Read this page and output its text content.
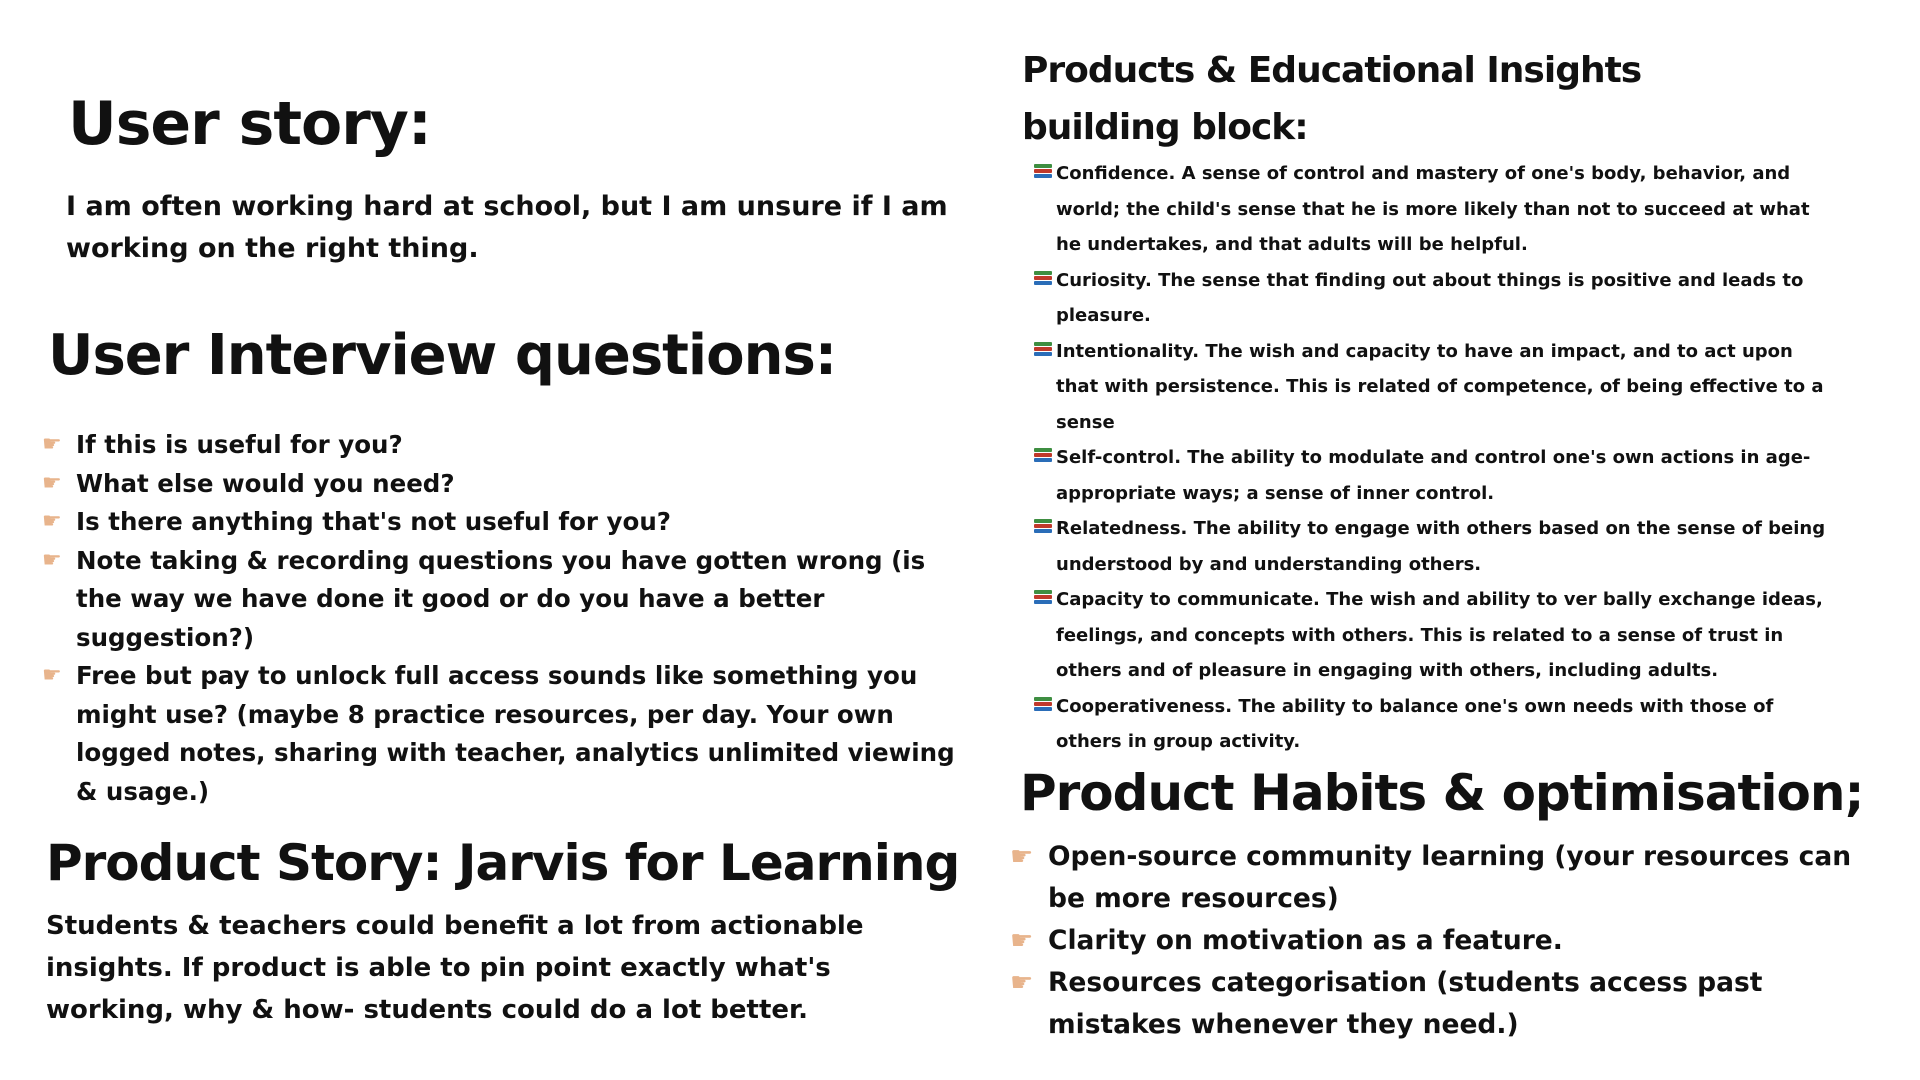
User story:

I am often working hard at school, but I am unsure if I am working on the right thing.

User Interview questions:
☛ If this is useful for you?
☛ What else would you need?
☛ Is there anything that's not useful for you?
☛ Note taking & recording questions you have gotten wrong (is the way we have done it good or do you have a better suggestion?)
☛ Free but pay to unlock full access sounds like something you might use? (maybe 8 practice resources, per day. Your own logged notes, sharing with teacher, analytics unlimited viewing & usage.)
Product Story: Jarvis for Learning

Students & teachers could benefit a lot from actionable insights. If product is able to pin point exactly what's working, why & how- students could do a lot better.

Products & Educational Insights building block:
Confidence. A sense of control and mastery of one's body, behavior, and world; the child's sense that he is more likely than not to succeed at what he undertakes, and that adults will be helpful.
Curiosity. The sense that finding out about things is positive and leads to pleasure.
Intentionality. The wish and capacity to have an impact, and to act upon that with persistence. This is related of competence, of being effective to a sense
Self-control. The ability to modulate and control one's own actions in age-appropriate ways; a sense of inner control.
Relatedness. The ability to engage with others based on the sense of being understood by and understanding others.
Capacity to communicate. The wish and ability to ver bally exchange ideas, feelings, and concepts with others. This is related to a sense of trust in others and of pleasure in engaging with others, including adults.
Cooperativeness. The ability to balance one's own needs with those of others in group activity.
Product Habits & optimisation;
☛ Open-source community learning (your resources can be more resources)
☛ Clarity on motivation as a feature.
☛ Resources categorisation (students access past mistakes whenever they need.)
